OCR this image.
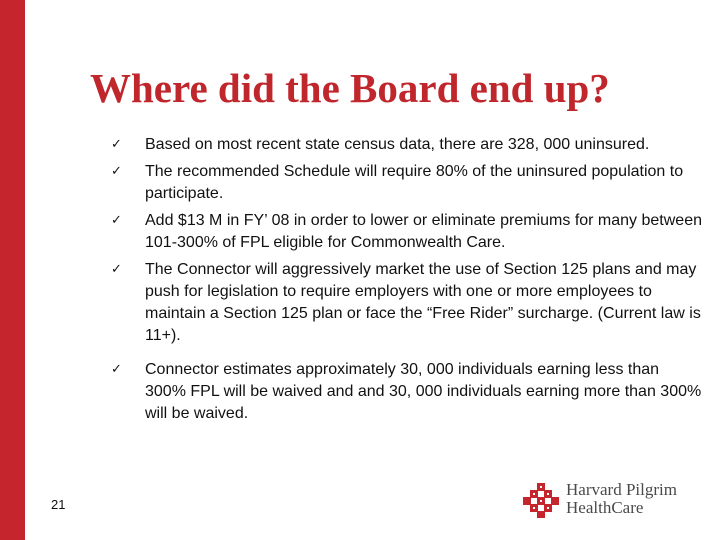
Where did the Board end up?
✓ Based on most recent state census data, there are 328, 000 uninsured.
✓ The recommended Schedule will require 80% of the uninsured population to participate.
✓ Add $13 M in FY’ 08 in order to lower or eliminate premiums for many between 101-300% of FPL eligible for Commonwealth Care.
✓ The Connector will aggressively market the use of Section 125 plans and may push for legislation to require employers with one or more employees to maintain a Section 125 plan or face the “Free Rider” surcharge. (Current law is 11+).
✓ Connector estimates approximately 30, 000 individuals earning less than 300% FPL will be waived and and 30, 000 individuals earning more than 300% will be waived.
21
Harvard Pilgrim
HealthCare
